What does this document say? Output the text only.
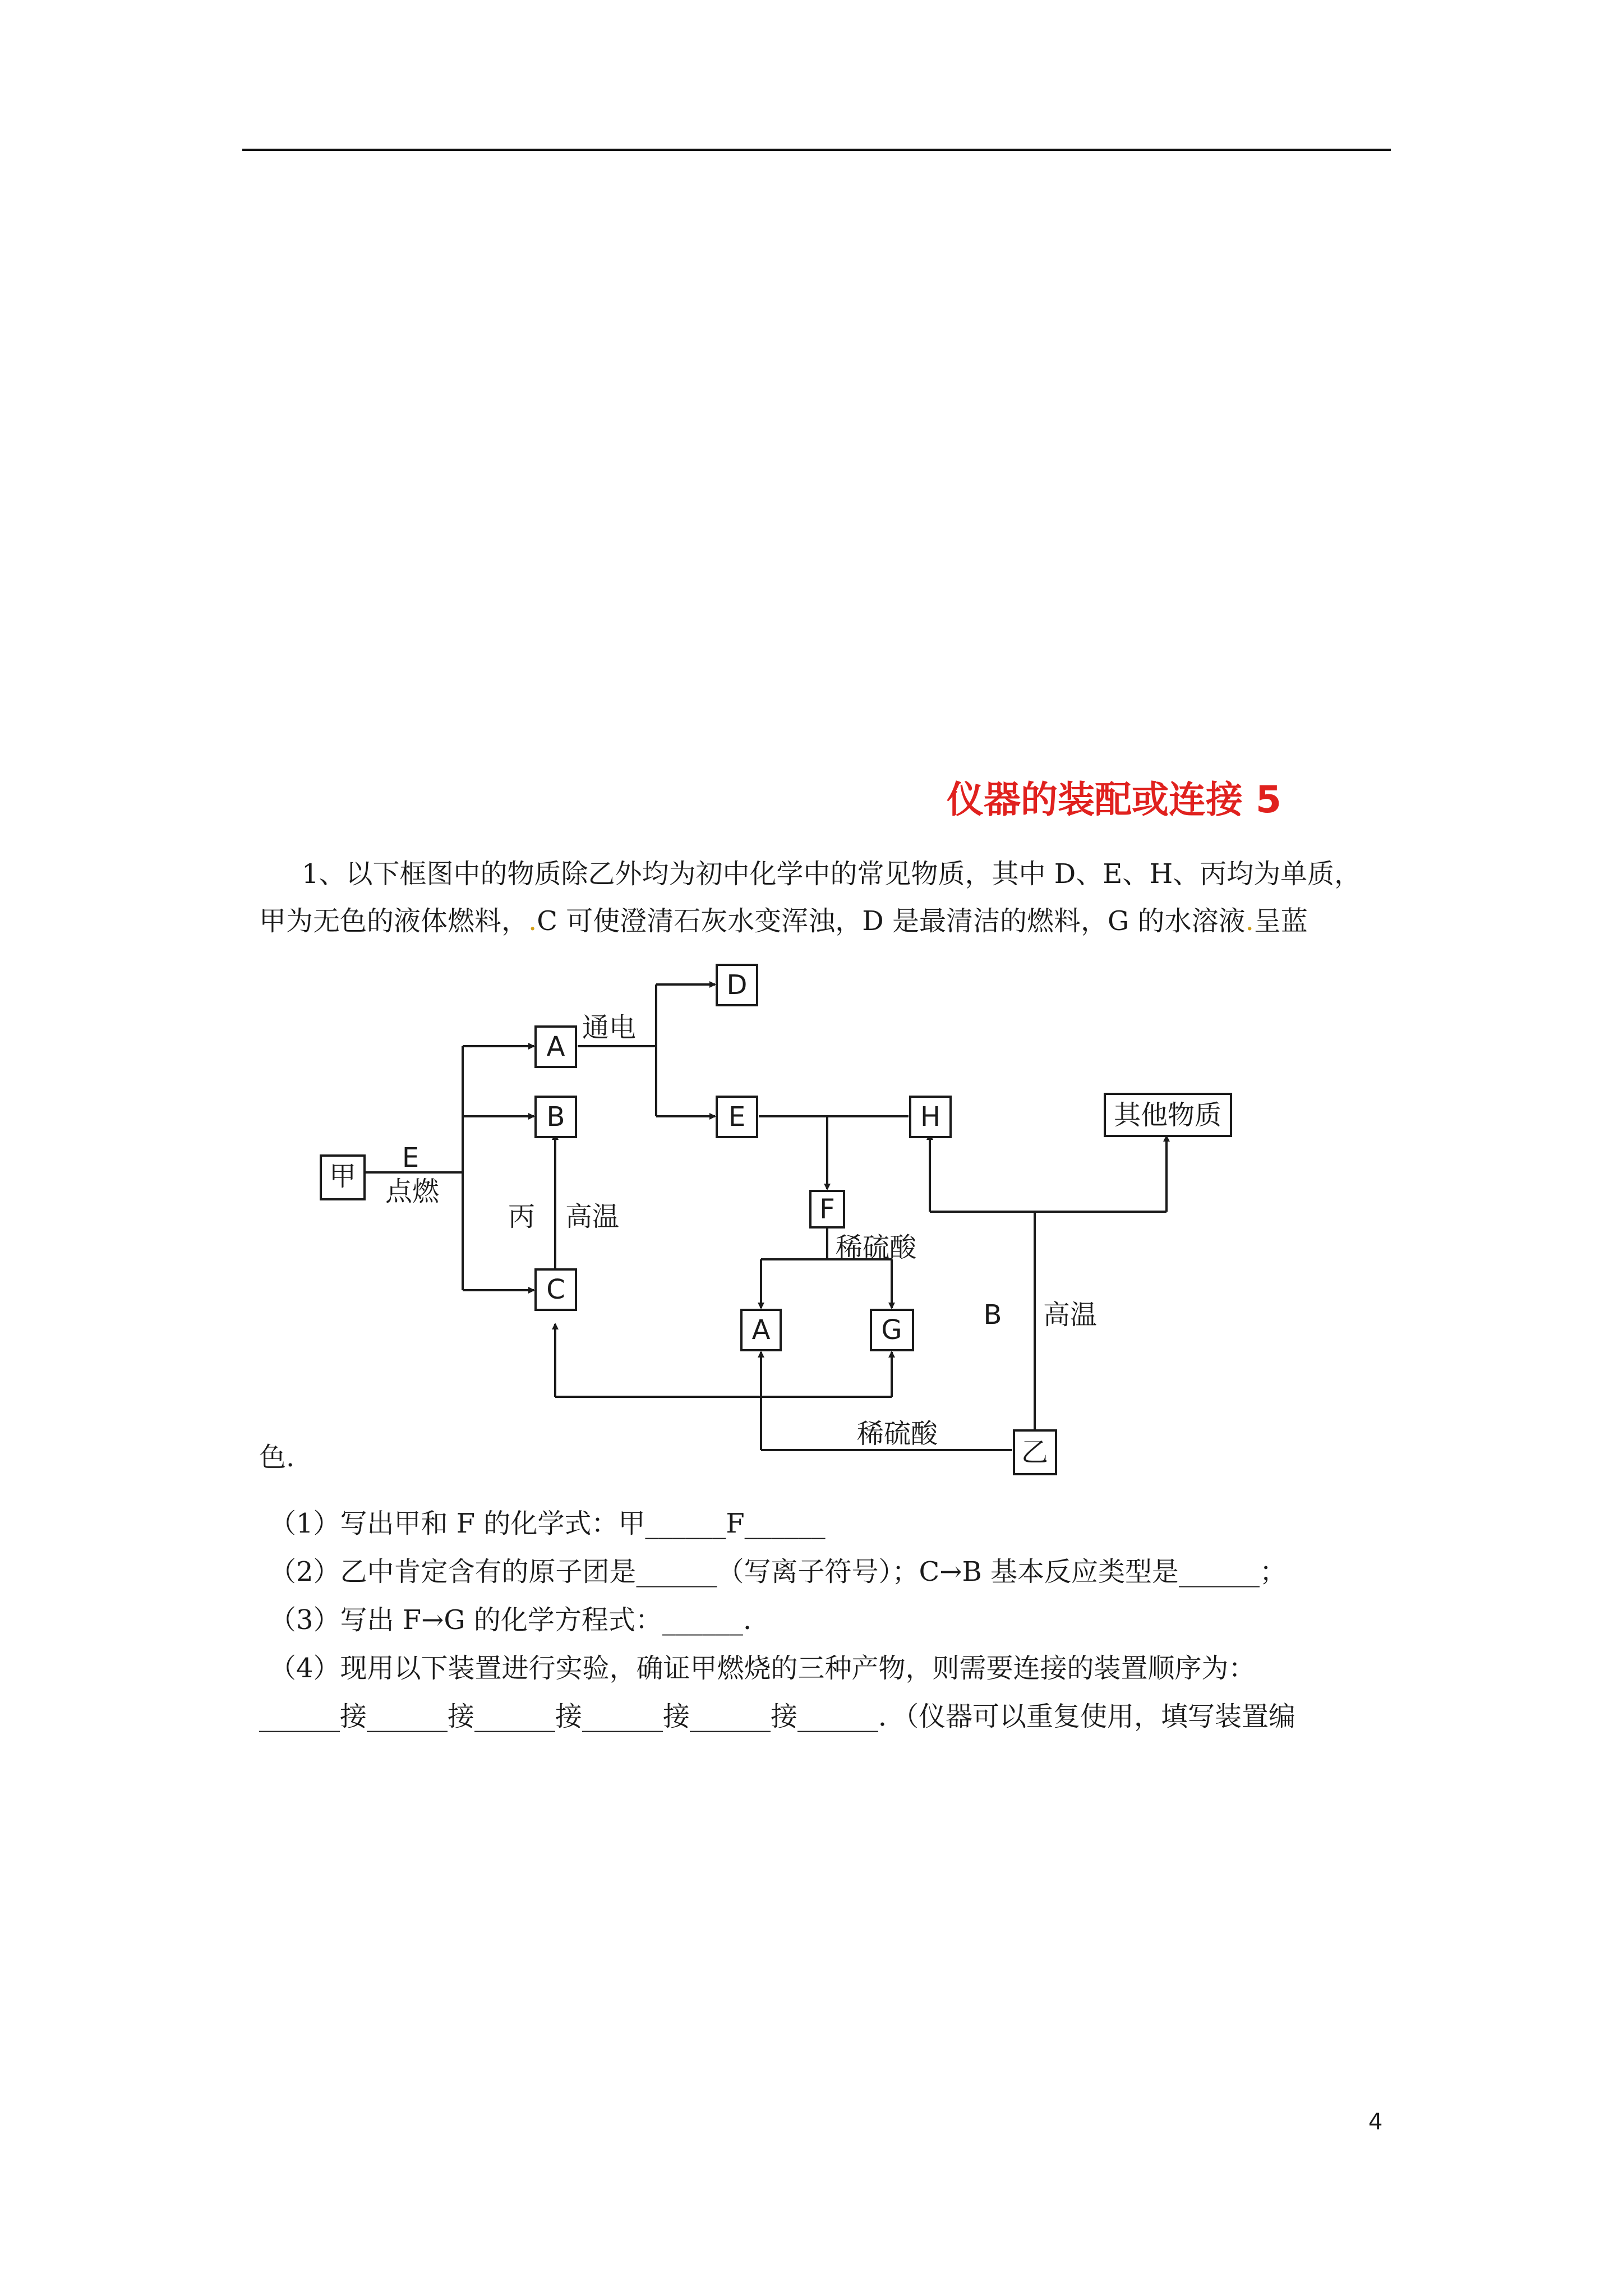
仪器的装配或连接 5
1、以下框图中的物质除乙外均为初中化学中的常见物质，其中 D、E、H、丙均为单质，
甲为无色的液体燃料，.C 可使澄清石灰水变浑浊，D 是最清洁的燃料，G 的水溶液.呈蓝
甲
A
B
C
D
E
F
H	其他物质
A	G
乙
E
点燃
通电
丙 高温
稀硫酸
B 高温
稀硫酸
色.
（1）写出甲和 F 的化学式：甲______F______
（2）乙中肯定含有的原子团是______（写离子符号）；C→B 基本反应类型是______；
（3）写出 F→G 的化学方程式：______.
（4）现用以下装置进行实验，确证甲燃烧的三种产物，则需要连接的装置顺序为：
______接______接______接______接______接______．（仪器可以重复使用，填写装置编
4
